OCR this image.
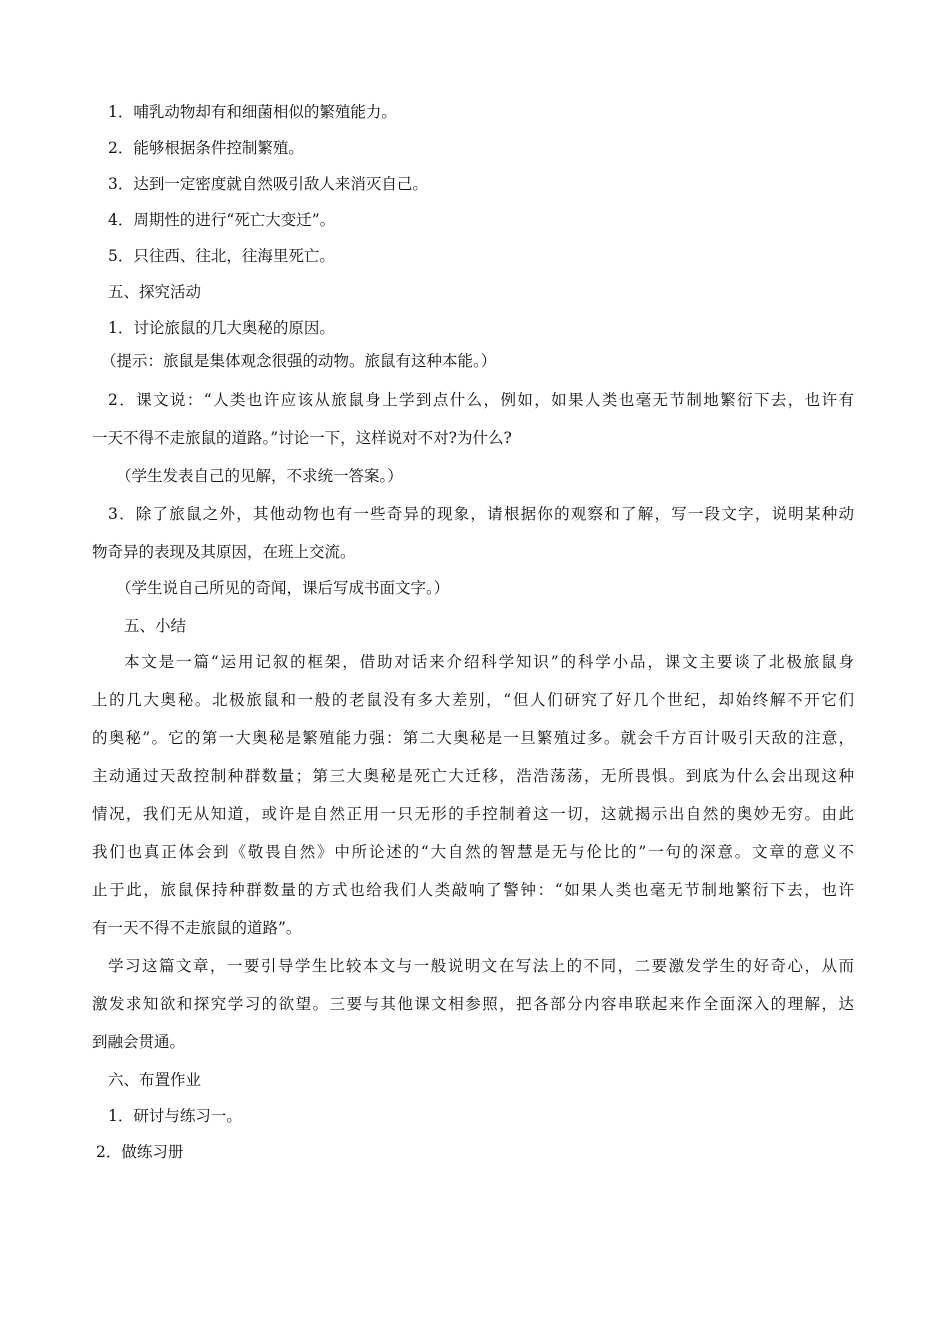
1．哺乳动物却有和细菌相似的繁殖能力。
2．能够根据条件控制繁殖。
3．达到一定密度就自然吸引敌人来消灭自己。
4．周期性的进行“死亡大变迁”。
5．只往西、往北，往海里死亡。
五、探究活动
1．讨论旅鼠的几大奥秘的原因。
（提示：旅鼠是集体观念很强的动物。旅鼠有这种本能。）
2．课文说：“人类也许应该从旅鼠身上学到点什么，例如，如果人类也毫无节制地繁衍下去，也许有
一天不得不走旅鼠的道路。”讨论一下，这样说对不对?为什么?
（学生发表自己的见解，不求统一答案。）
3．除了旅鼠之外，其他动物也有一些奇异的现象，请根据你的观察和了解，写一段文字，说明某种动
物奇异的表现及其原因，在班上交流。
（学生说自己所见的奇闻，课后写成书面文字。）
五、小结
本文是一篇“运用记叙的框架，借助对话来介绍科学知识”的科学小品，课文主要谈了北极旅鼠身
上的几大奥秘。北极旅鼠和一般的老鼠没有多大差别，“但人们研究了好几个世纪，却始终解不开它们
的奥秘”。它的第一大奥秘是繁殖能力强：第二大奥秘是一旦繁殖过多。就会千方百计吸引天敌的注意，
主动通过天敌控制种群数量；第三大奥秘是死亡大迁移，浩浩荡荡，无所畏惧。到底为什么会出现这种
情况，我们无从知道，或许是自然正用一只无形的手控制着这一切，这就揭示出自然的奥妙无穷。由此
我们也真正体会到《敬畏自然》中所论述的“大自然的智慧是无与伦比的”一句的深意。文章的意义不
止于此，旅鼠保持种群数量的方式也给我们人类敲响了警钟：“如果人类也毫无节制地繁衍下去，也许
有一天不得不走旅鼠的道路”。
学习这篇文章，一要引导学生比较本文与一般说明文在写法上的不同，二要激发学生的好奇心，从而
激发求知欲和探究学习的欲望。三要与其他课文相参照，把各部分内容串联起来作全面深入的理解，达
到融会贯通。
六、布置作业
1．研讨与练习一。
2．做练习册
